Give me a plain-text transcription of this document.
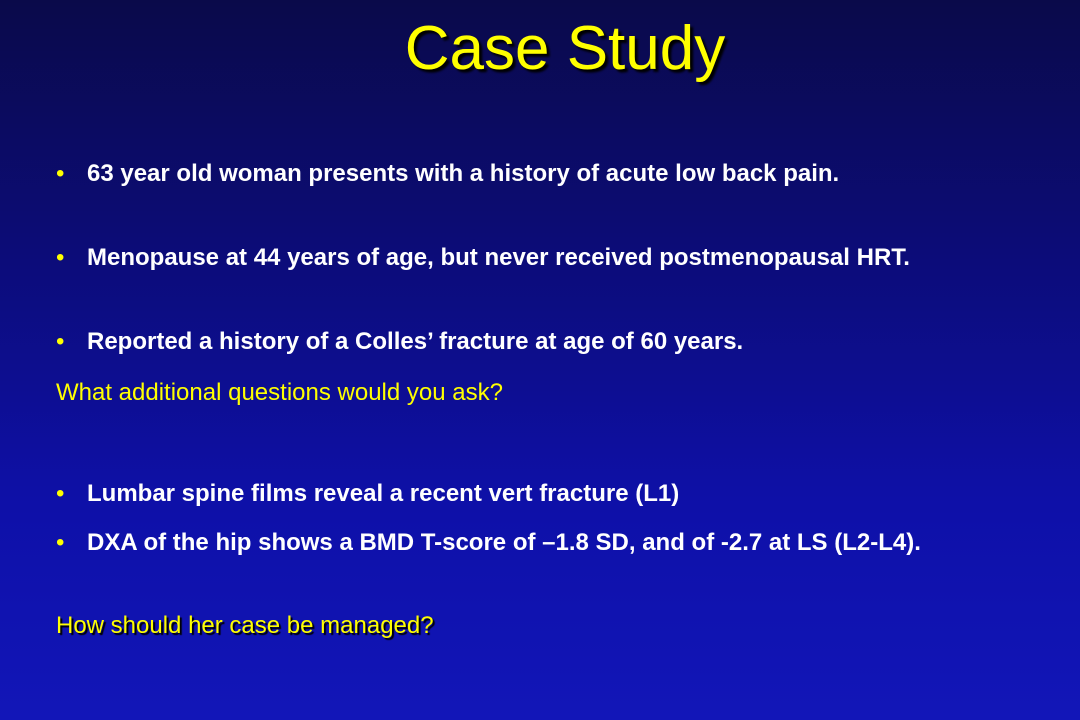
Case Study
• 63 year old woman presents with a history of acute low back pain.
• Menopause at 44 years of age, but never received postmenopausal HRT.
• Reported a history of a Colles’ fracture at age of 60 years.
What additional questions would you ask?
• Lumbar spine films reveal a recent vert fracture (L1)
• DXA of the hip shows a BMD T-score of –1.8 SD, and of -2.7 at LS (L2-L4).
How should her case be managed?
